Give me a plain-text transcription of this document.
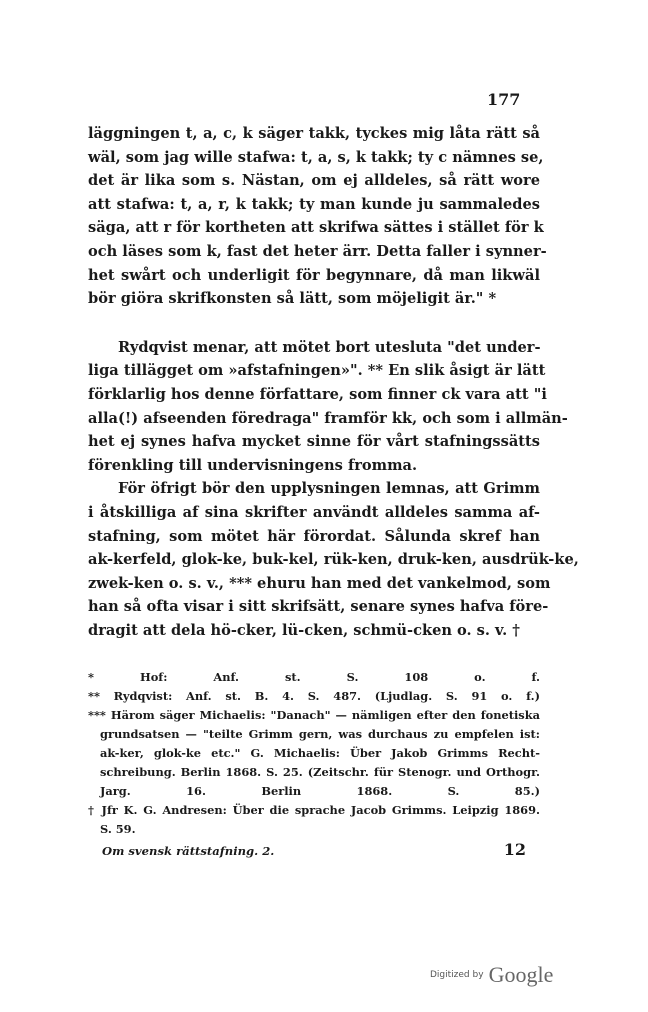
177
läggningen t, a, c, k säger takk, tyckes mig låta rätt så
wäl, som jag wille stafwa: t, a, s, k takk; ty c nämnes se,
det är lika som s. Nästan, om ej alldeles, så rätt wore
att stafwa: t, a, r, k takk; ty man kunde ju sammaledes
säga, att r för kortheten att skrifwa sättes i stället för k
och läses som k, fast det heter ärr. Detta faller i synner-
het swårt och underligit för begynnare, då man likwäl
bör giöra skrifkonsten så lätt, som möjeligit är." *
Rydqvist menar, att mötet bort utesluta "det under-
liga tillägget om »afstafningen»". ** En slik åsigt är lätt
förklarlig hos denne författare, som finner ck vara att "i
alla(!) afseenden föredraga" framför kk, och som i allmän-
het ej synes hafva mycket sinne för vårt stafningssätts
förenkling till undervisningens fromma.
För öfrigt bör den upplysningen lemnas, att Grimm
i åtskilliga af sina skrifter användt alldeles samma af-
stafning, som mötet här förordat. Sålunda skref han
ak-kerfeld, glok-ke, buk-kel, rük-ken, druk-ken, ausdrük-ke,
zwek-ken o. s. v., *** ehuru han med det vankelmod, som
han så ofta visar i sitt skrifsätt, senare synes hafva före-
dragit att dela hö-cker, lü-cken, schmü-cken o. s. v. †
* Hof: Anf. st. S. 108 o. f.
** Rydqvist: Anf. st. B. 4. S. 487. (Ljudlag. S. 91 o. f.)
*** Härom säger Michaelis: "Danach" — nämligen efter den fonetiska
grundsatsen — "teilte Grimm gern, was durchaus zu empfelen ist:
ak-ker, glok-ke etc." G. Michaelis: Über Jakob Grimms Recht-
schreibung. Berlin 1868. S. 25. (Zeitschr. für Stenogr. und Orthogr.
Jarg. 16. Berlin 1868. S. 85.)
† Jfr K. G. Andresen: Über die sprache Jacob Grimms. Leipzig 1869.
S. 59.
Om svensk rättstafning. 2.	12
Digitized by Google
